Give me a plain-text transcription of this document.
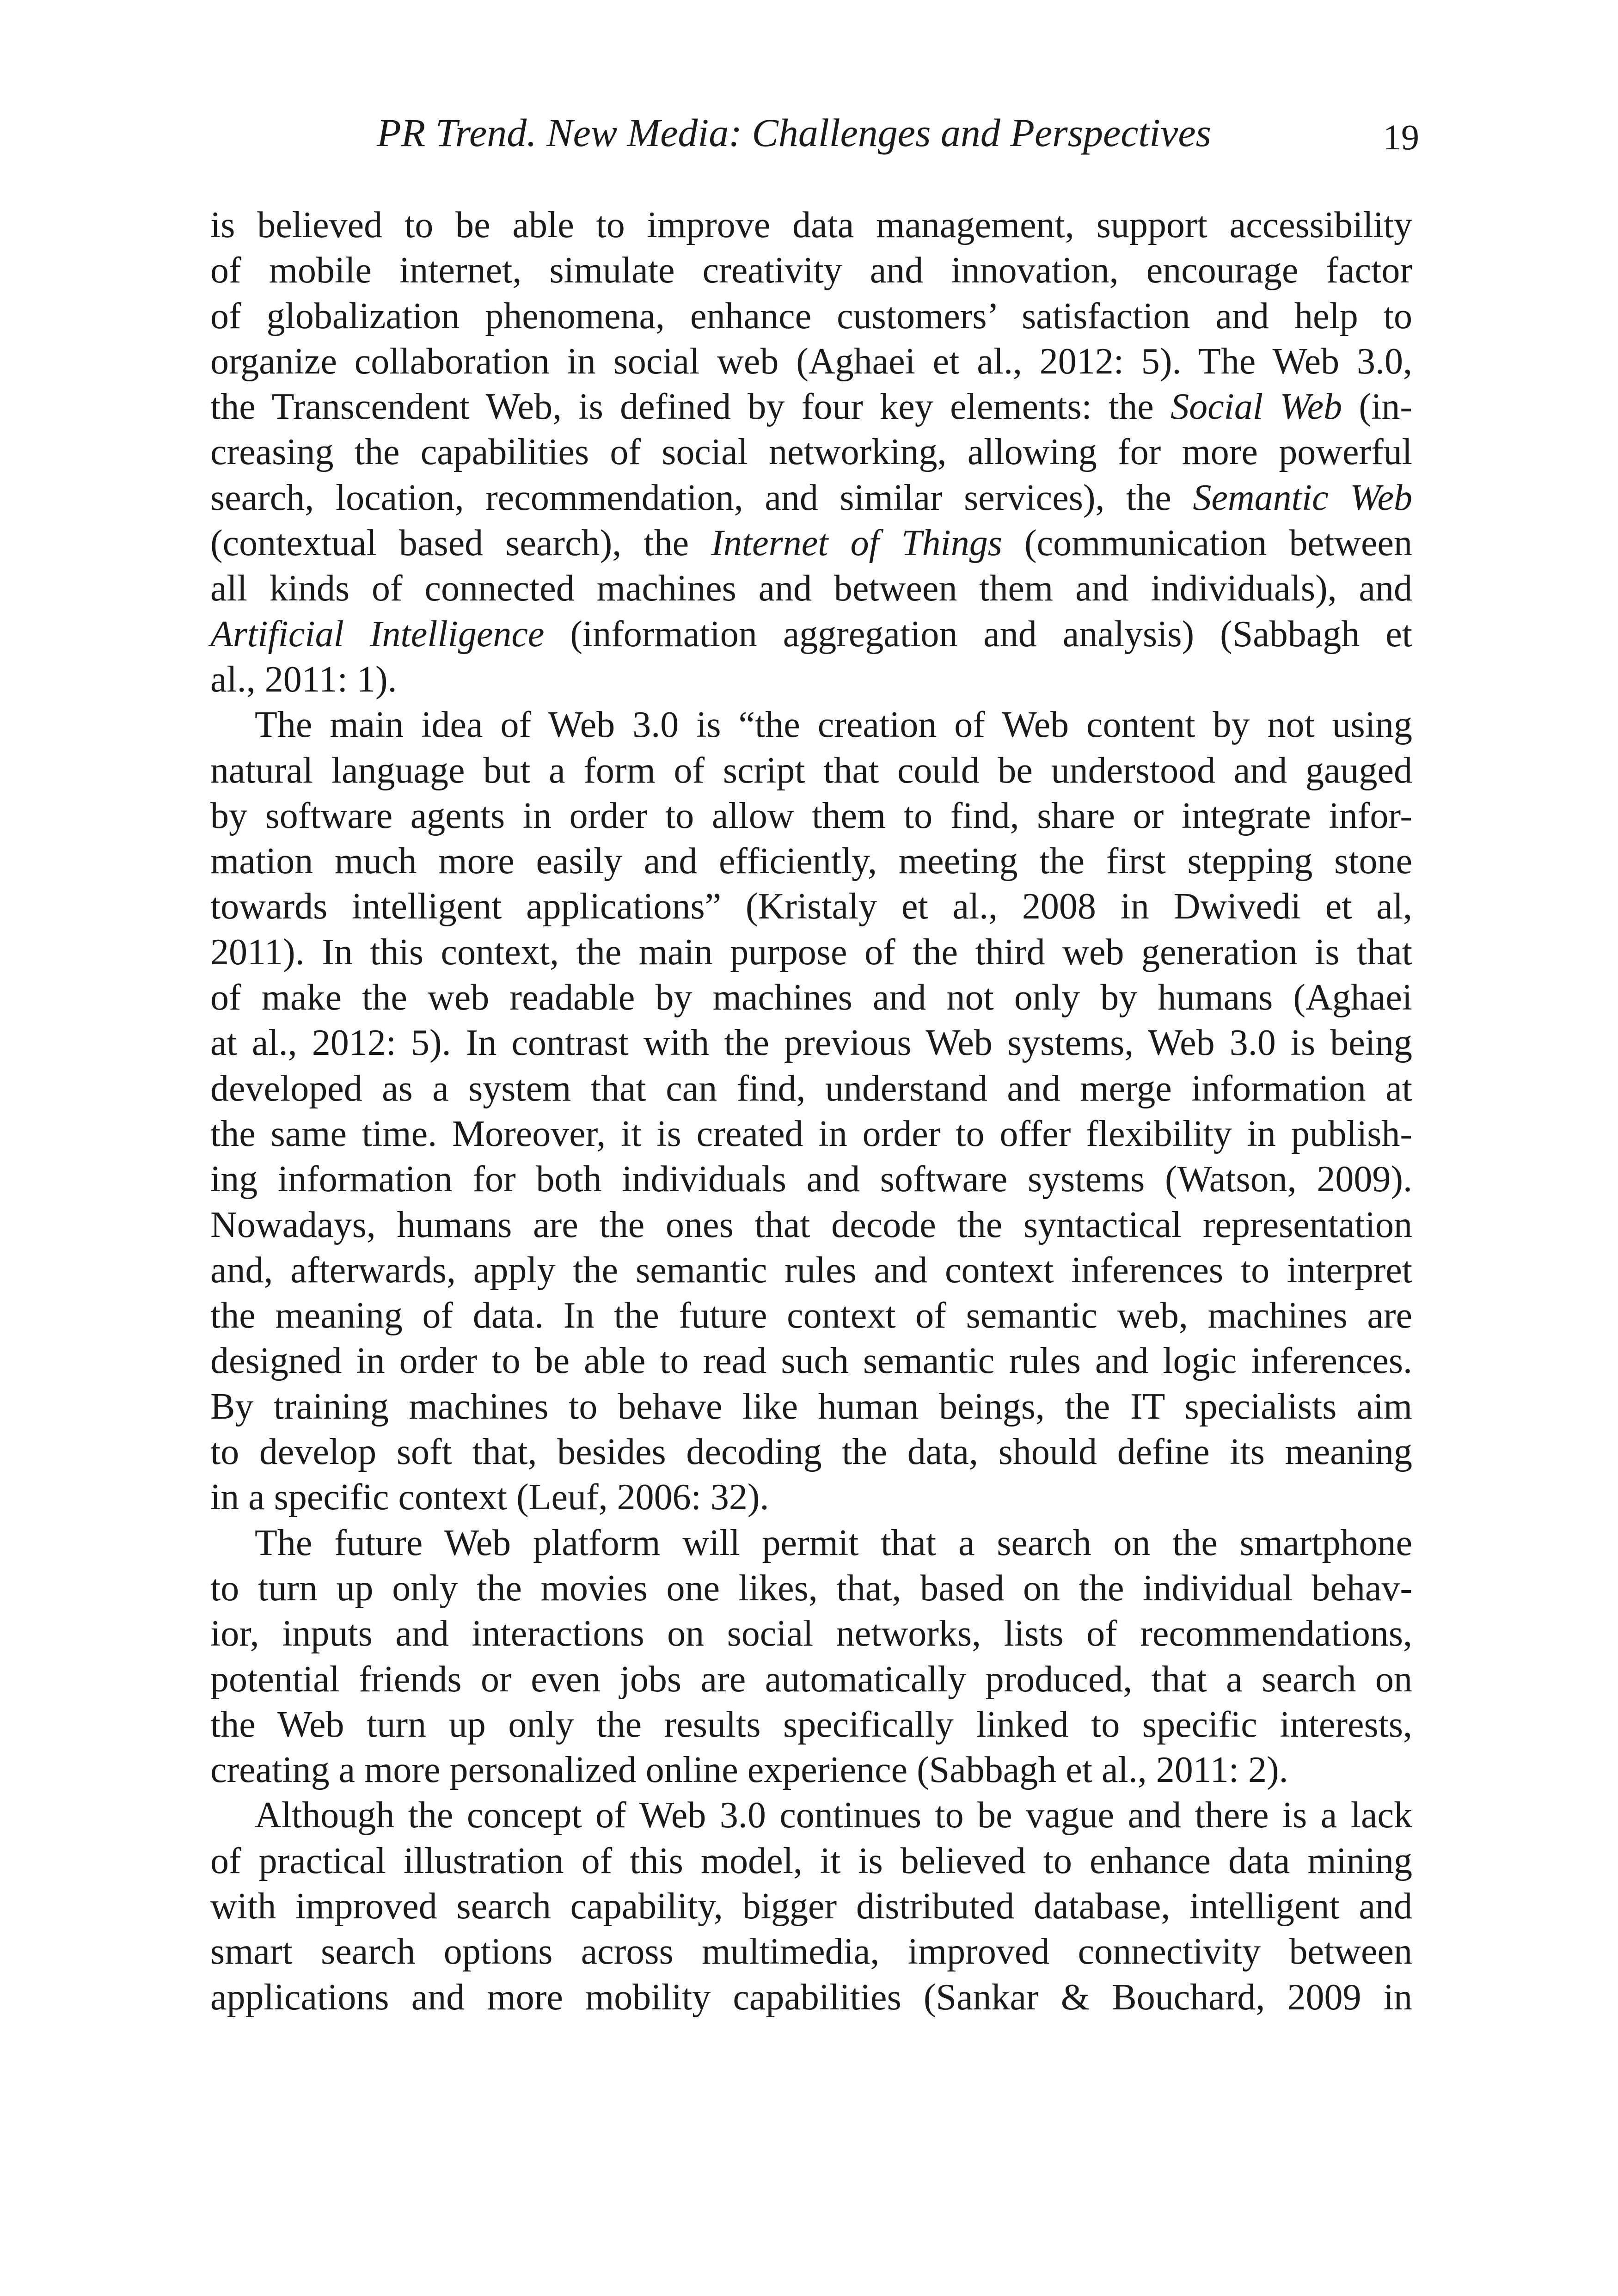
PR Trend. New Media: Challenges and Perspectives	19
is believed to be able to improve data management, support accessibility
of mobile internet, simulate creativity and innovation, encourage factor
of globalization phenomena, enhance customers’ satisfaction and help to
organize collaboration in social web (Aghaei et al., 2012: 5). The Web 3.0,
the Transcendent Web, is defined by four key elements: the Social Web (in-
creasing the capabilities of social networking, allowing for more powerful
search, location, recommendation, and similar services), the Semantic Web
(contextual based search), the Internet of Things (communication between
all kinds of connected machines and between them and individuals), and
Artificial Intelligence (information aggregation and analysis) (Sabbagh et
al., 2011: 1).
The main idea of Web 3.0 is “the creation of Web content by not using
natural language but a form of script that could be understood and gauged
by software agents in order to allow them to find, share or integrate infor-
mation much more easily and efficiently, meeting the first stepping stone
towards intelligent applications” (Kristaly et al., 2008 in Dwivedi et al,
2011). In this context, the main purpose of the third web generation is that
of make the web readable by machines and not only by humans (Aghaei
at al., 2012: 5). In contrast with the previous Web systems, Web 3.0 is being
developed as a system that can find, understand and merge information at
the same time. Moreover, it is created in order to offer flexibility in publish-
ing information for both individuals and software systems (Watson, 2009).
Nowadays, humans are the ones that decode the syntactical representation
and, afterwards, apply the semantic rules and context inferences to interpret
the meaning of data. In the future context of semantic web, machines are
designed in order to be able to read such semantic rules and logic inferences.
By training machines to behave like human beings, the IT specialists aim
to develop soft that, besides decoding the data, should define its meaning
in a specific context (Leuf, 2006: 32).
The future Web platform will permit that a search on the smartphone
to turn up only the movies one likes, that, based on the individual behav-
ior, inputs and interactions on social networks, lists of recommendations,
potential friends or even jobs are automatically produced, that a search on
the Web turn up only the results specifically linked to specific interests,
creating a more personalized online experience (Sabbagh et al., 2011: 2).
Although the concept of Web 3.0 continues to be vague and there is a lack
of practical illustration of this model, it is believed to enhance data mining
with improved search capability, bigger distributed database, intelligent and
smart search options across multimedia, improved connectivity between
applications and more mobility capabilities (Sankar & Bouchard, 2009 in
